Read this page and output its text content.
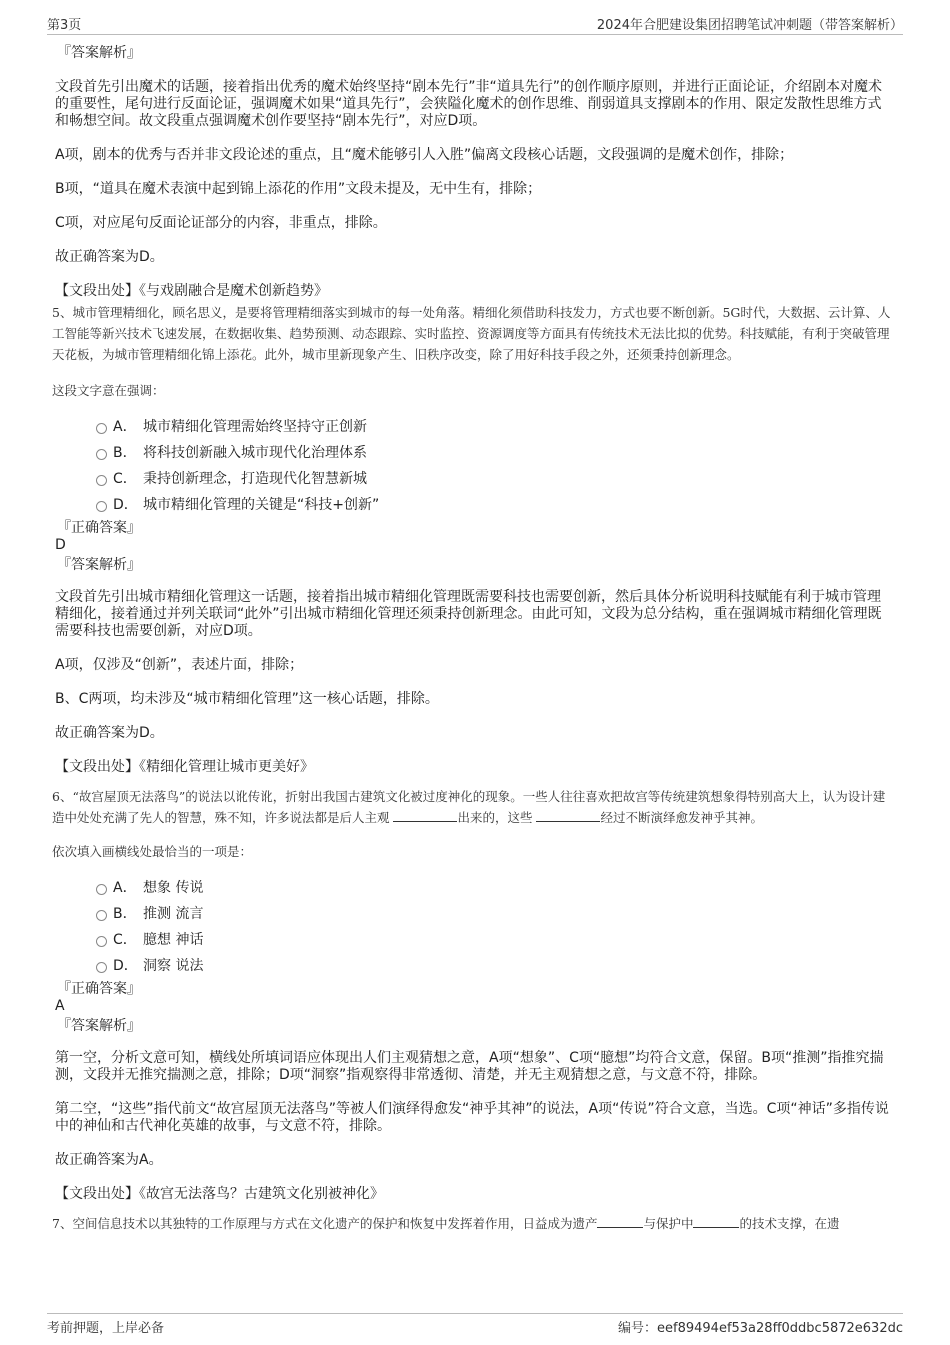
第3页	2024年合肥建设集团招聘笔试冲刺题（带答案解析）

『答案解析』

文段首先引出魔术的话题，接着指出优秀的魔术始终坚持“剧本先行”非“道具先行”的创作顺序原则，并进行正面论证，介绍剧本对魔术的重要性，尾句进行反面论证，强调魔术如果“道具先行”，会狭隘化魔术的创作思维、削弱道具支撑剧本的作用、限定发散性思维方式和畅想空间。故文段重点强调魔术创作要坚持“剧本先行”，对应D项。

A项，剧本的优秀与否并非文段论述的重点，且“魔术能够引人入胜”偏离文段核心话题，文段强调的是魔术创作，排除；

B项，“道具在魔术表演中起到锦上添花的作用”文段未提及，无中生有，排除；

C项，对应尾句反面论证部分的内容，非重点，排除。

故正确答案为D。

【文段出处】《与戏剧融合是魔术创新趋势》

5、城市管理精细化，顾名思义，是要将管理精细落实到城市的每一处角落。精细化须借助科技发力，方式也要不断创新。5G时代，大数据、云计算、人工智能等新兴技术飞速发展，在数据收集、趋势预测、动态跟踪、实时监控、资源调度等方面具有传统技术无法比拟的优势。科技赋能，有利于突破管理天花板，为城市管理精细化锦上添花。此外，城市里新现象产生、旧秩序改变，除了用好科技手段之外，还须秉持创新理念。

这段文字意在强调：

A． 城市精细化管理需始终坚持守正创新
B． 将科技创新融入城市现代化治理体系
C． 秉持创新理念，打造现代化智慧新城
D． 城市精细化管理的关键是“科技+创新”

『正确答案』

D

『答案解析』

文段首先引出城市精细化管理这一话题，接着指出城市精细化管理既需要科技也需要创新，然后具体分析说明科技赋能有利于城市管理精细化，接着通过并列关联词“此外”引出城市精细化管理还须秉持创新理念。由此可知，文段为总分结构，重在强调城市精细化管理既需要科技也需要创新，对应D项。

A项，仅涉及“创新”，表述片面，排除；

B、C两项，均未涉及“城市精细化管理”这一核心话题，排除。

故正确答案为D。

【文段出处】《精细化管理让城市更美好》

6、“故宫屋顶无法落鸟”的说法以讹传讹，折射出我国古建筑文化被过度神化的现象。一些人往往喜欢把故宫等传统建筑想象得特别高大上，认为设计建造中处处充满了先人的智慧，殊不知，许多说法都是后人主观	出来的，这些	经过不断演绎愈发神乎其神。

依次填入画横线处最恰当的一项是：

A． 想象 传说
B． 推测 流言
C． 臆想 神话
D． 洞察 说法

『正确答案』

A

『答案解析』

第一空，分析文意可知，横线处所填词语应体现出人们主观猜想之意，A项“想象”、C项“臆想”均符合文意，保留。B项“推测”指推究揣测，文段并无推究揣测之意，排除；D项“洞察”指观察得非常透彻、清楚，并无主观猜想之意，与文意不符，排除。

第二空，“这些”指代前文“故宫屋顶无法落鸟”等被人们演绎得愈发“神乎其神”的说法，A项“传说”符合文意，当选。C项“神话”多指传说中的神仙和古代神化英雄的故事，与文意不符，排除。

故正确答案为A。

【文段出处】《故宫无法落鸟？古建筑文化别被神化》

7、空间信息技术以其独特的工作原理与方式在文化遗产的保护和恢复中发挥着作用，日益成为遗产	与保护中	的技术支撑，在遗

考前押题，上岸必备	编号：eef89494ef53a28ff0ddbc5872e632dc
